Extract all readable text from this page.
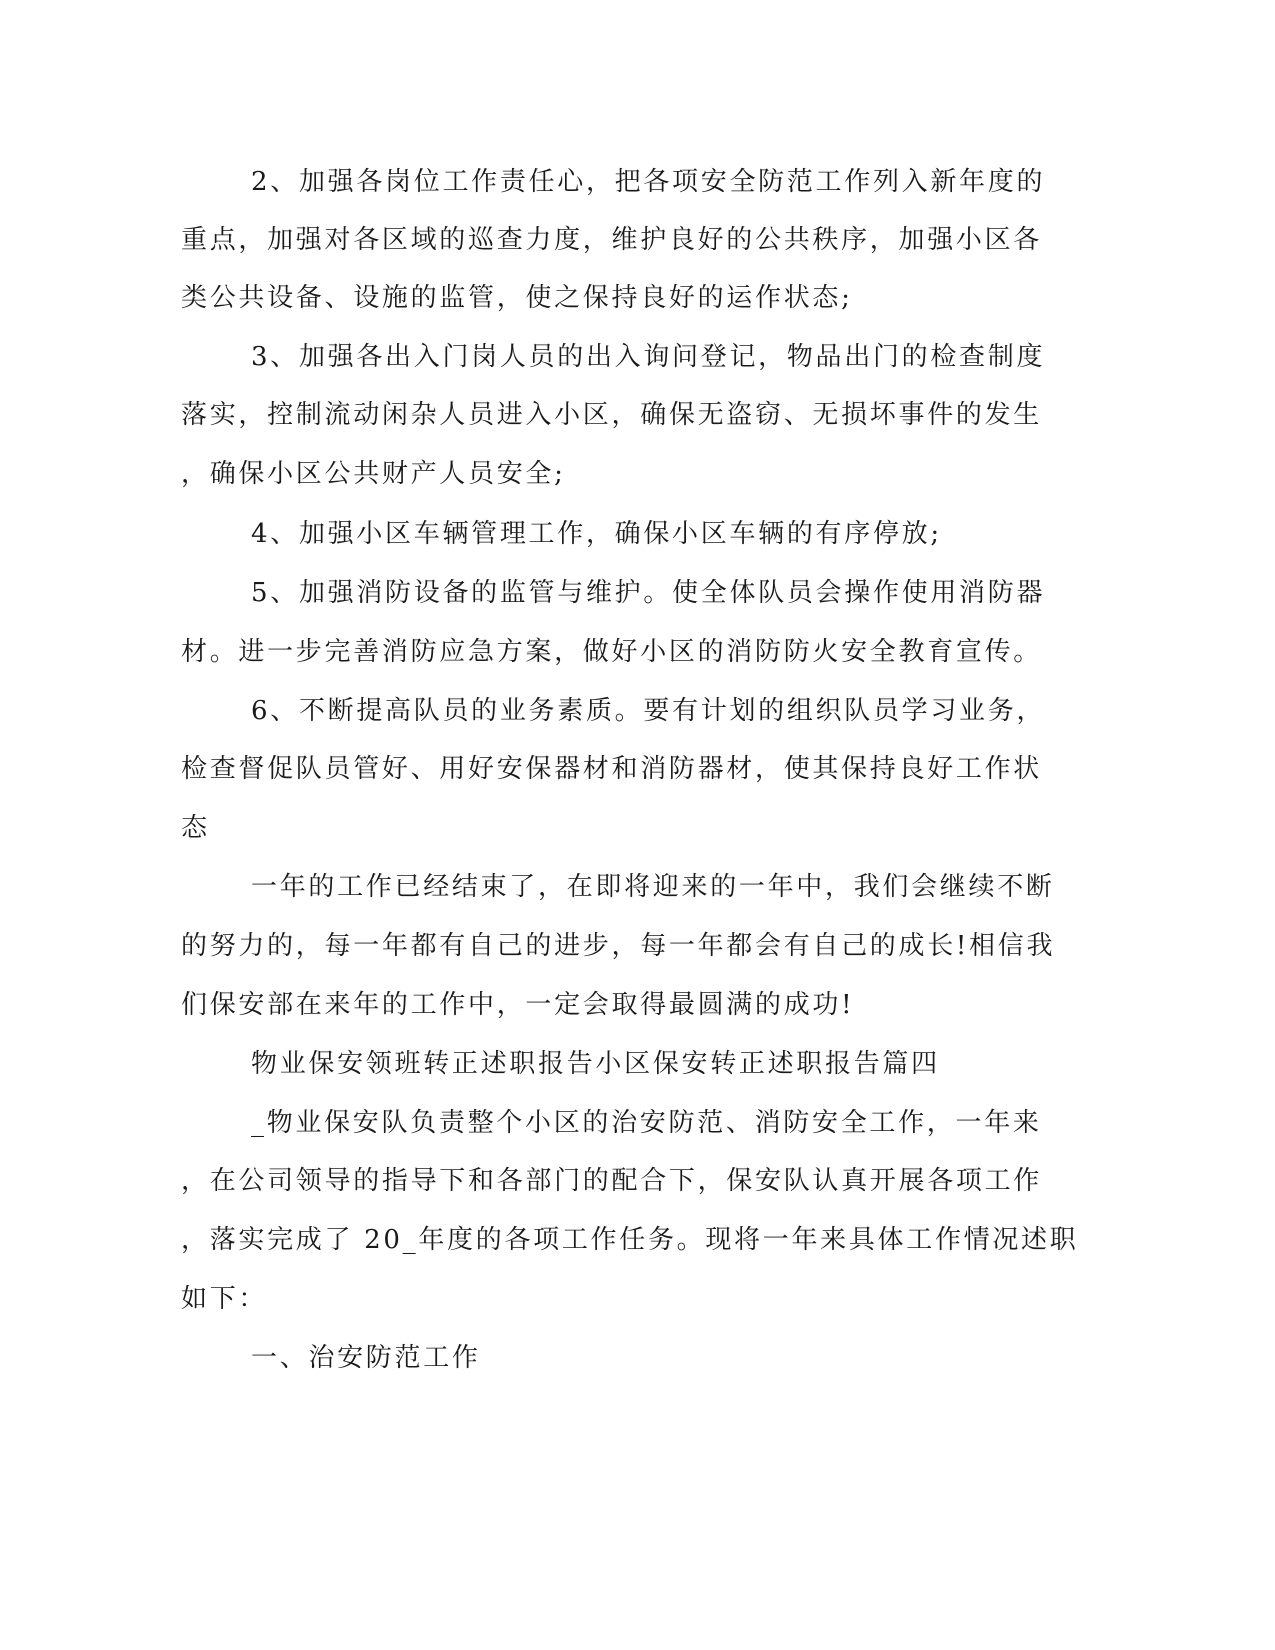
2、加强各岗位工作责任心，把各项安全防范工作列入新年度的
重点，加强对各区域的巡查力度，维护良好的公共秩序，加强小区各
类公共设备、设施的监管，使之保持良好的运作状态;
3、加强各出入门岗人员的出入询问登记，物品出门的检查制度
落实，控制流动闲杂人员进入小区，确保无盗窃、无损坏事件的发生
，确保小区公共财产人员安全;
4、加强小区车辆管理工作，确保小区车辆的有序停放;
5、加强消防设备的监管与维护。使全体队员会操作使用消防器
材。进一步完善消防应急方案，做好小区的消防防火安全教育宣传。
6、不断提高队员的业务素质。要有计划的组织队员学习业务，
检查督促队员管好、用好安保器材和消防器材，使其保持良好工作状
态
一年的工作已经结束了，在即将迎来的一年中，我们会继续不断
的努力的，每一年都有自己的进步，每一年都会有自己的成长!相信我
们保安部在来年的工作中，一定会取得最圆满的成功!
物业保安领班转正述职报告小区保安转正述职报告篇四
_物业保安队负责整个小区的治安防范、消防安全工作，一年来
，在公司领导的指导下和各部门的配合下，保安队认真开展各项工作
，落实完成了 20_年度的各项工作任务。现将一年来具体工作情况述职
如下：
一、治安防范工作
